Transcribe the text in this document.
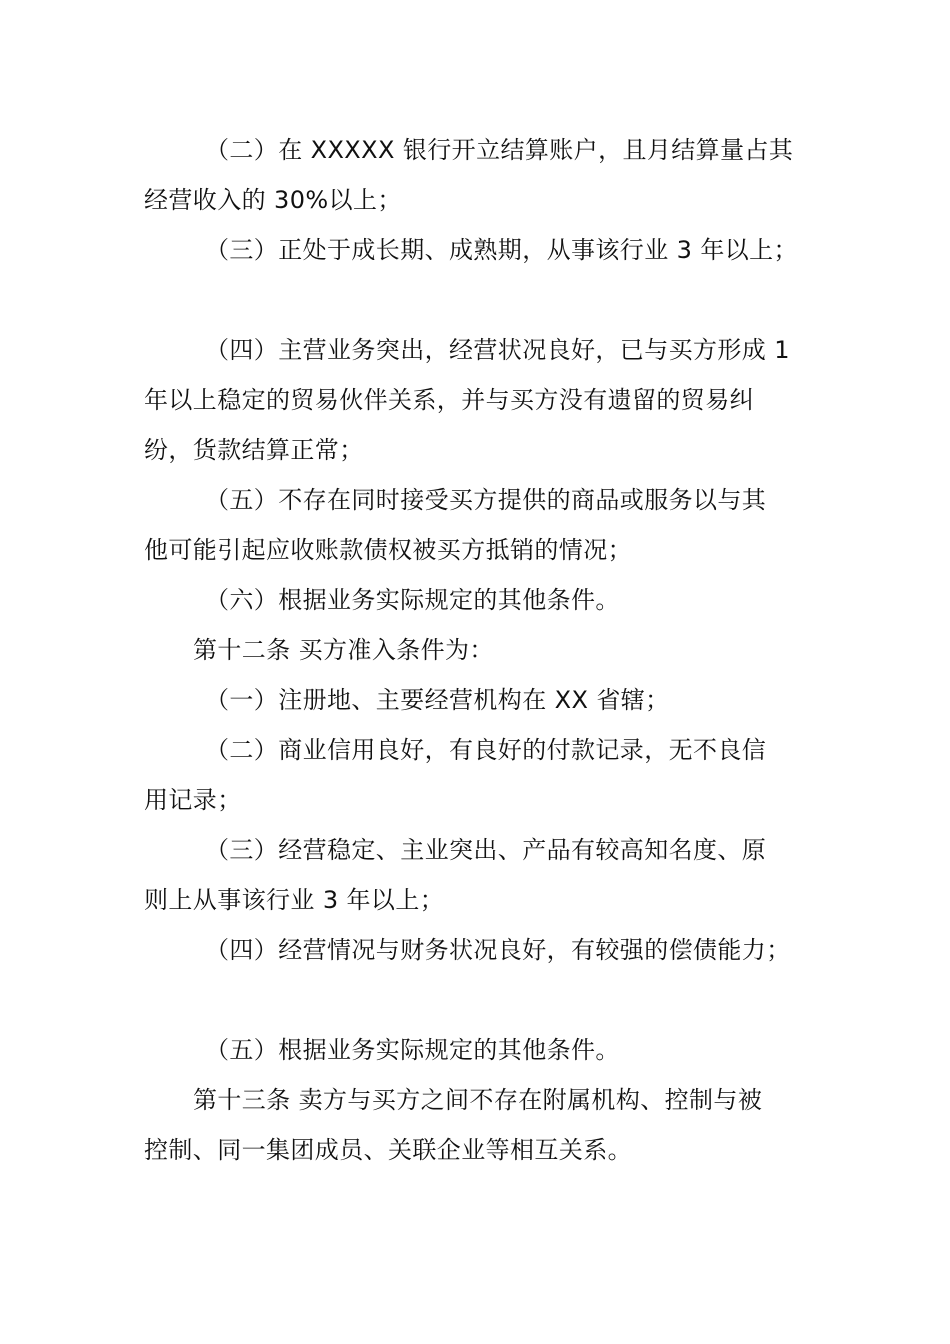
（二）在 XXXXX 银行开立结算账户，且月结算量占其
经营收入的 30%以上；
（三）正处于成长期、成熟期，从事该行业 3 年以上；
（四）主营业务突出，经营状况良好，已与买方形成 1
年以上稳定的贸易伙伴关系，并与买方没有遗留的贸易纠
纷，货款结算正常；
（五）不存在同时接受买方提供的商品或服务以与其
他可能引起应收账款债权被买方抵销的情况；
（六）根据业务实际规定的其他条件。
第十二条 买方准入条件为：
（一）注册地、主要经营机构在 XX 省辖；
（二）商业信用良好，有良好的付款记录，无不良信
用记录；
（三）经营稳定、主业突出、产品有较高知名度、原
则上从事该行业 3 年以上；
（四）经营情况与财务状况良好，有较强的偿债能力；
（五）根据业务实际规定的其他条件。
第十三条 卖方与买方之间不存在附属机构、控制与被
控制、同一集团成员、关联企业等相互关系。
